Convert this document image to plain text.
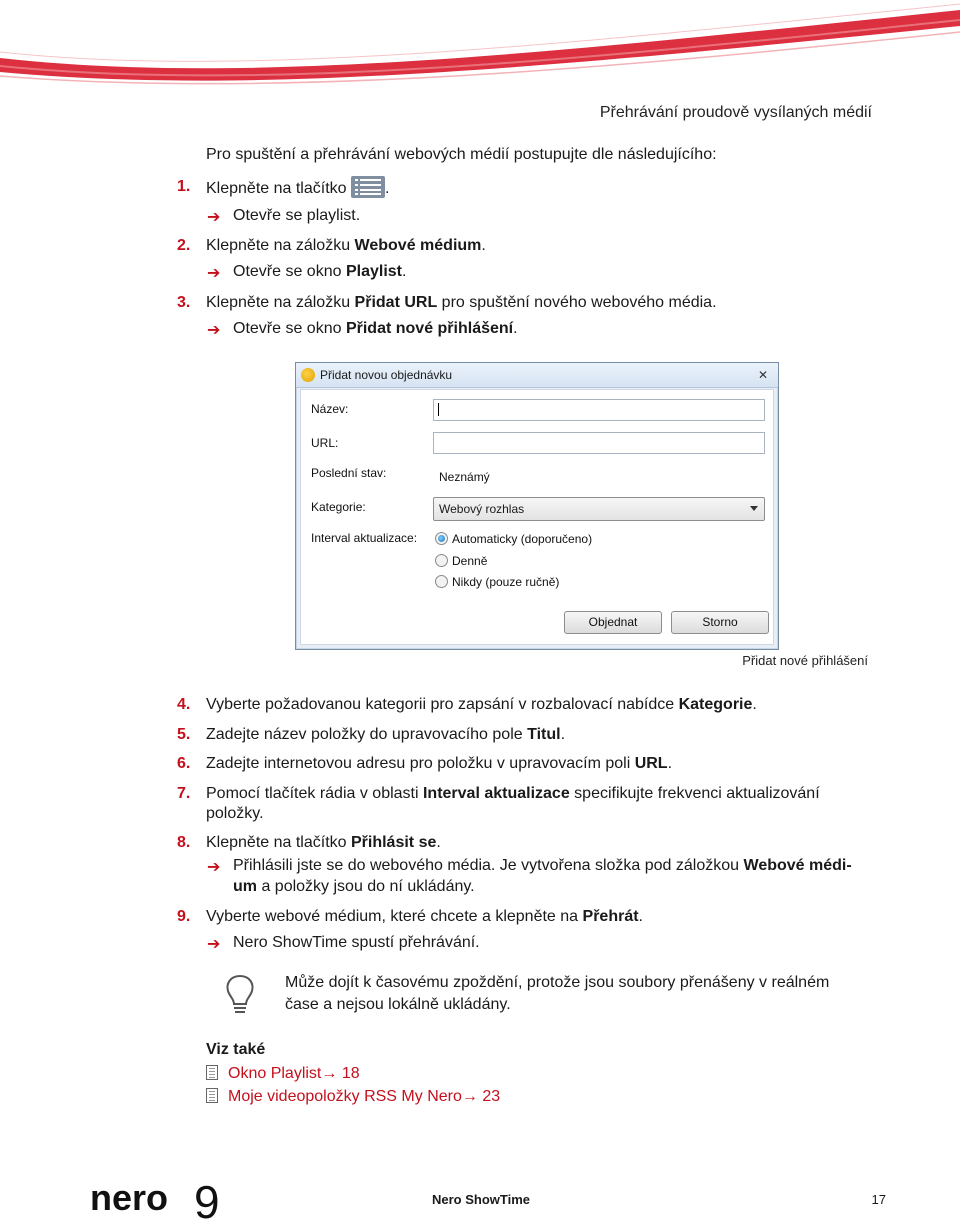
Přehrávání proudově vysílaných médií
Pro spuštění a přehrávání webových médií postupujte dle následujícího:
1. Klepněte na tlačítko .
➔ Otevře se playlist.
2. Klepněte na záložku Webové médium.
➔ Otevře se okno Playlist.
3. Klepněte na záložku Přidat URL pro spuštění nového webového média.
➔ Otevře se okno Přidat nové přihlášení.
Přidat novou objednávku	✕
Název:
URL:
Poslední stav:	Neznámý
Kategorie:	Webový rozhlas
Interval aktualizace:	Automaticky (doporučeno)
Denně
Nikdy (pouze ručně)
Objednat	Storno
Přidat nové přihlášení
4. Vyberte požadovanou kategorii pro zapsání v rozbalovací nabídce Kategorie.
5. Zadejte název položky do upravovacího pole Titul.
6. Zadejte internetovou adresu pro položku v upravovacím poli URL.
7. Pomocí tlačítek rádia v oblasti Interval aktualizace specifikujte frekvenci aktualizování
položky.
8. Klepněte na tlačítko Přihlásit se.
➔ Přihlásili jste se do webového média. Je vytvořena složka pod záložkou Webové médi-
um a položky jsou do ní ukládány.
9. Vyberte webové médium, které chcete a klepněte na Přehrát.
➔ Nero ShowTime spustí přehrávání.
Může dojít k časovému zpoždění, protože jsou soubory přenášeny v reálném čase a nejsou lokálně ukládány.
Viz také
Okno Playlist→ 18
Moje videopoložky RSS My Nero→ 23
nero 9	Nero ShowTime	17
